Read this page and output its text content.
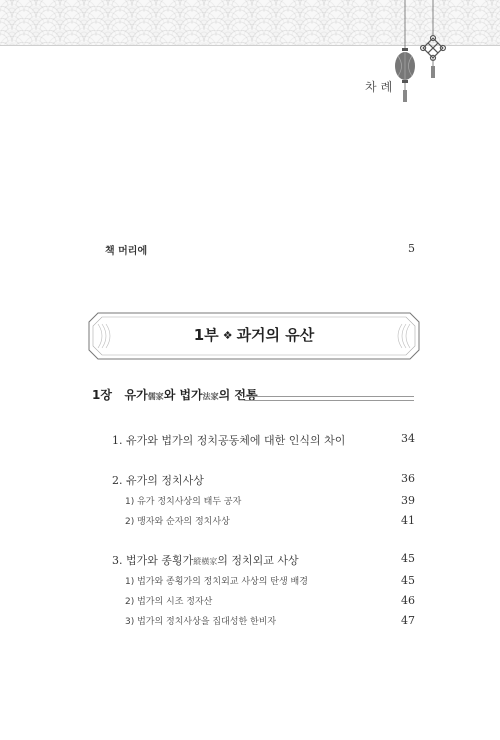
차례
책 머리에	5
1부 ❖ 과거의 유산
1장 유가儒家와 법가法家의 전통
1. 유가와 법가의 정치공동체에 대한 인식의 차이	34
2. 유가의 정치사상	36
1) 유가 정치사상의 태두 공자	39
2) 맹자와 순자의 정치사상	41
3. 법가와 종횡가縱橫家의 정치외교 사상	45
1) 법가와 종횡가의 정치외교 사상의 탄생 배경	45
2) 법가의 시조 정자산	46
3) 법가의 정치사상을 집대성한 한비자	47
